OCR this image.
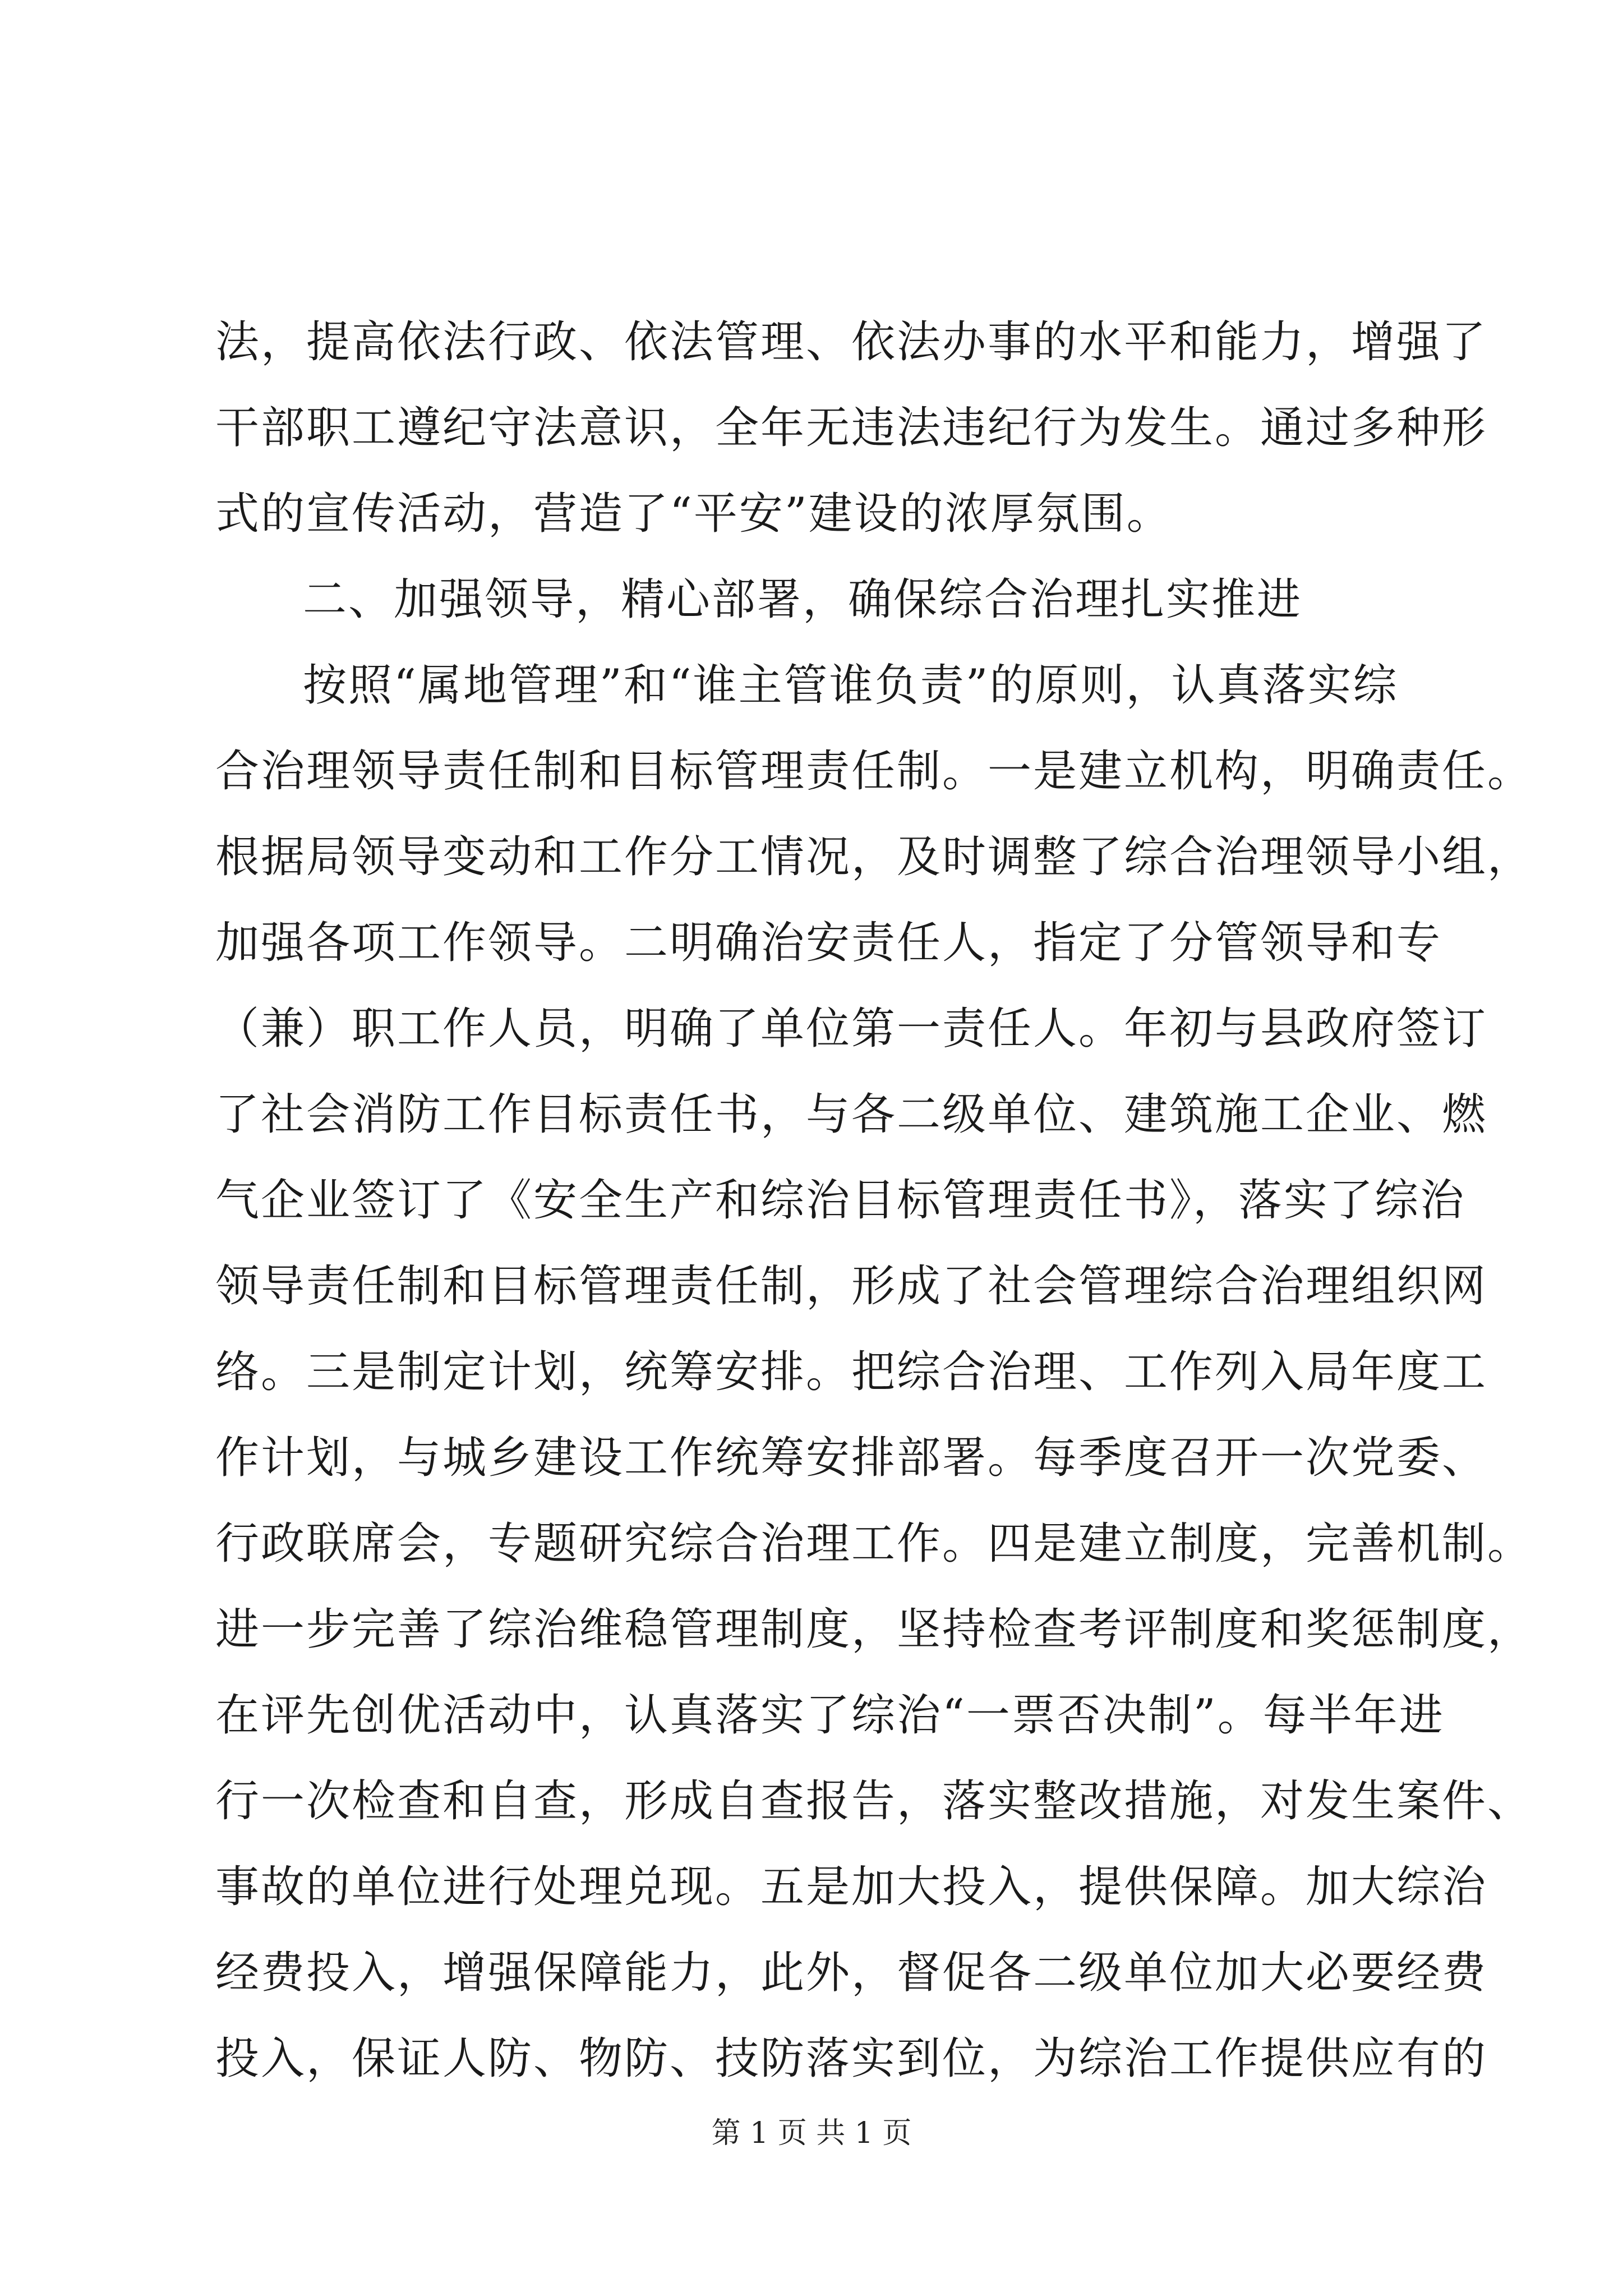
法，提高依法行政、依法管理、依法办事的水平和能力，增强了
干部职工遵纪守法意识，全年无违法违纪行为发生。通过多种形
式的宣传活动，营造了“平安”建设的浓厚氛围。
二、加强领导，精心部署，确保综合治理扎实推进
按照“属地管理”和“谁主管谁负责”的原则，认真落实综
合治理领导责任制和目标管理责任制。一是建立机构，明确责任。
根据局领导变动和工作分工情况，及时调整了综合治理领导小组，
加强各项工作领导。二明确治安责任人，指定了分管领导和专
（兼）职工作人员，明确了单位第一责任人。年初与县政府签订
了社会消防工作目标责任书，与各二级单位、建筑施工企业、燃
气企业签订了《安全生产和综治目标管理责任书》，落实了综治
领导责任制和目标管理责任制，形成了社会管理综合治理组织网
络。三是制定计划，统筹安排。把综合治理、工作列入局年度工
作计划，与城乡建设工作统筹安排部署。每季度召开一次党委、
行政联席会，专题研究综合治理工作。四是建立制度，完善机制。
进一步完善了综治维稳管理制度，坚持检查考评制度和奖惩制度，
在评先创优活动中，认真落实了综治“一票否决制”。每半年进
行一次检查和自查，形成自查报告，落实整改措施，对发生案件、
事故的单位进行处理兑现。五是加大投入，提供保障。加大综治
经费投入，增强保障能力，此外，督促各二级单位加大必要经费
投入，保证人防、物防、技防落实到位，为综治工作提供应有的
第 1 页 共 1 页
